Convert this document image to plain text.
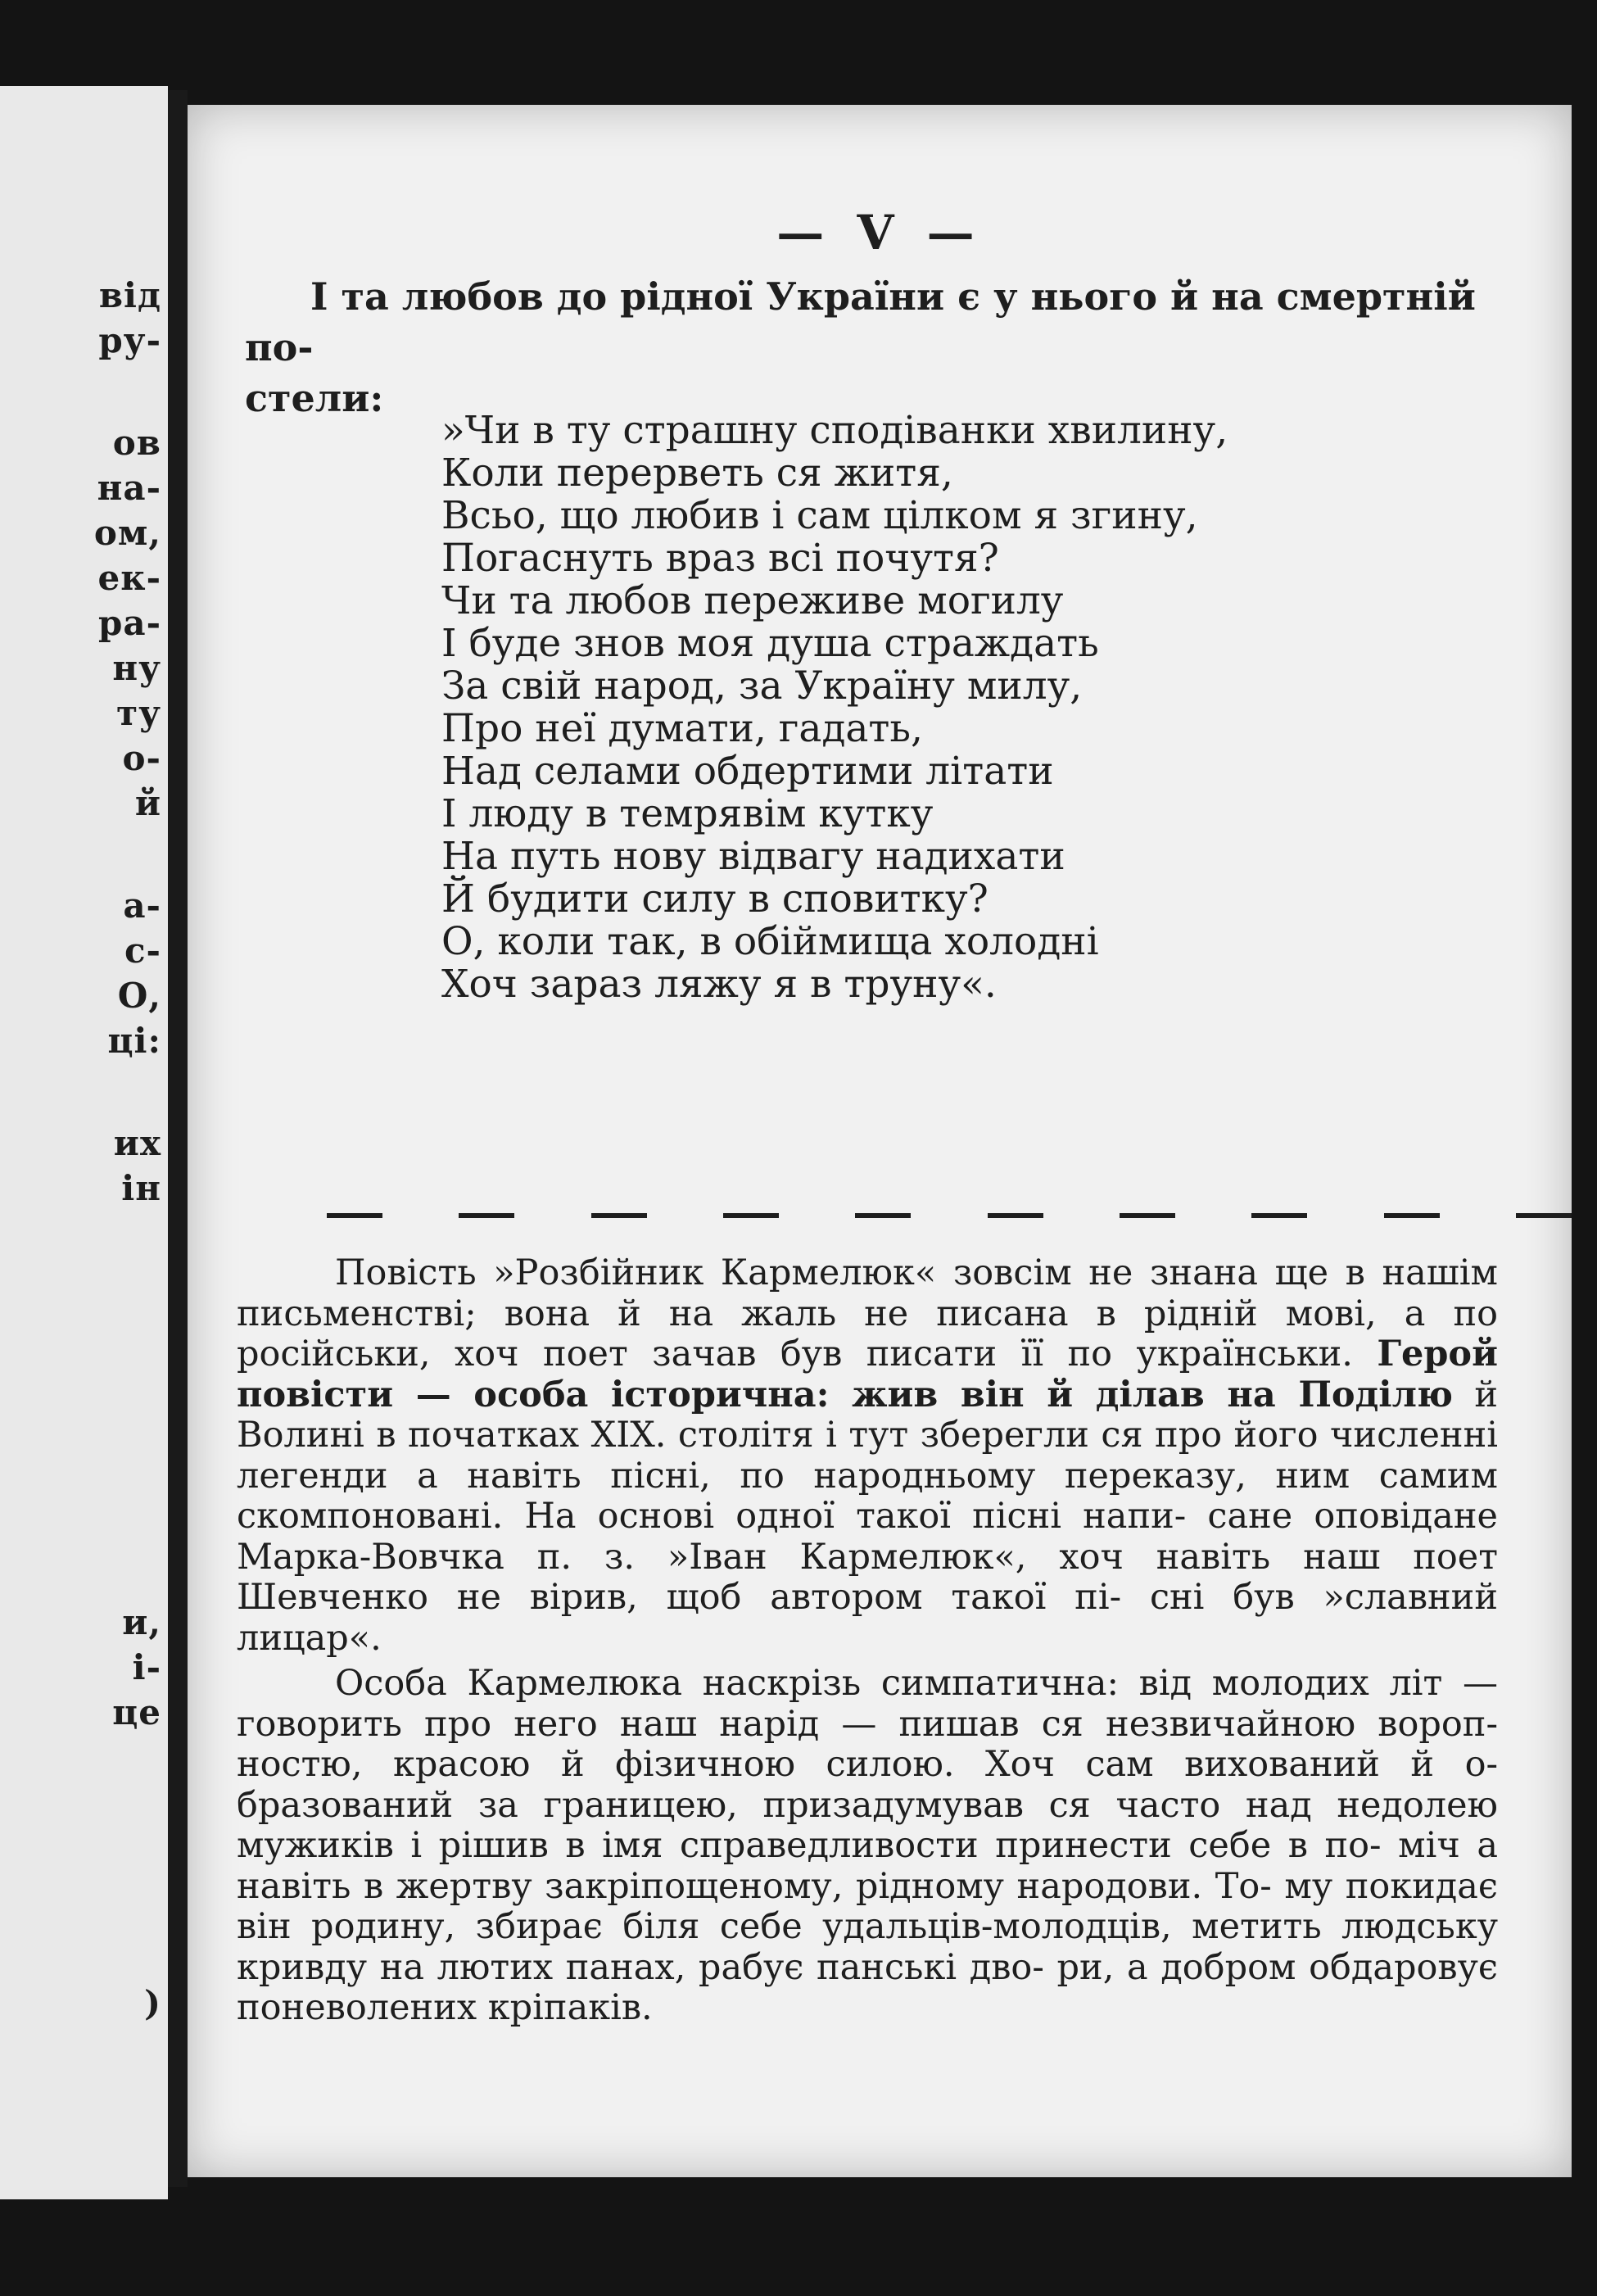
від
ру-
ов
на-
ом,
ек-
ра-
ну
ту
о-
й
а-
с-
О,
ці:
их
ін
и,
і-
це
)
— V —

І та любов до рідної України є у нього й на смертній по-

стели:

»Чи в ту страшну сподіванки хвилину,
Коли перерветь ся житя,
Всьо, що любив і сам цілком я згину,
Погаснуть враз всі почутя?
Чи та любов переживе могилу
І буде знов моя душа страждать
За свій народ, за Україну милу,
Про неї думати, гадать,
Над селами обдертими літати
І люду в темрявім кутку
На путь нову відвагу надихати
Й будити силу в сповитку?
О, коли так, в обіймища холодні
Хоч зараз ляжу я в труну«.

Повість »Розбійник Кармелюк« зовсім не знана ще в нашім письменстві; вона й на жаль не писана в рідній мові, а по російськи, хоч поет зачав був писати її по українськи. Герой повісти — особа історична: жив він й ділав на Поділю й Волині в початках XIX. столітя і тут зберегли ся про його численні легенди а навіть пісні, по народньому переказу, ним самим скомпоновані. На основі одної такої пісні напи- сане оповідане Марка-Вовчка п. з. »Іван Кармелюк«, хоч навіть наш поет Шевченко не вірив, щоб автором такої пі- сні був »славний лицар«.

Особа Кармелюка наскрізь симпатична: від молодих літ — говорить про него наш нарід — пишав ся незвичайною вороп- ностю, красою й фізичною силою. Хоч сам вихований й о- бразований за границею, призадумував ся часто над недолею мужиків і рішив в імя справедливости принести себе в по- міч а навіть в жертву закріпощеному, рідному народови. То- му покидає він родину, збирає біля себе удальців-молодців, метить людську кривду на лютих панах, рабує панські дво- ри, а добром обдаровує поневолених кріпаків.
